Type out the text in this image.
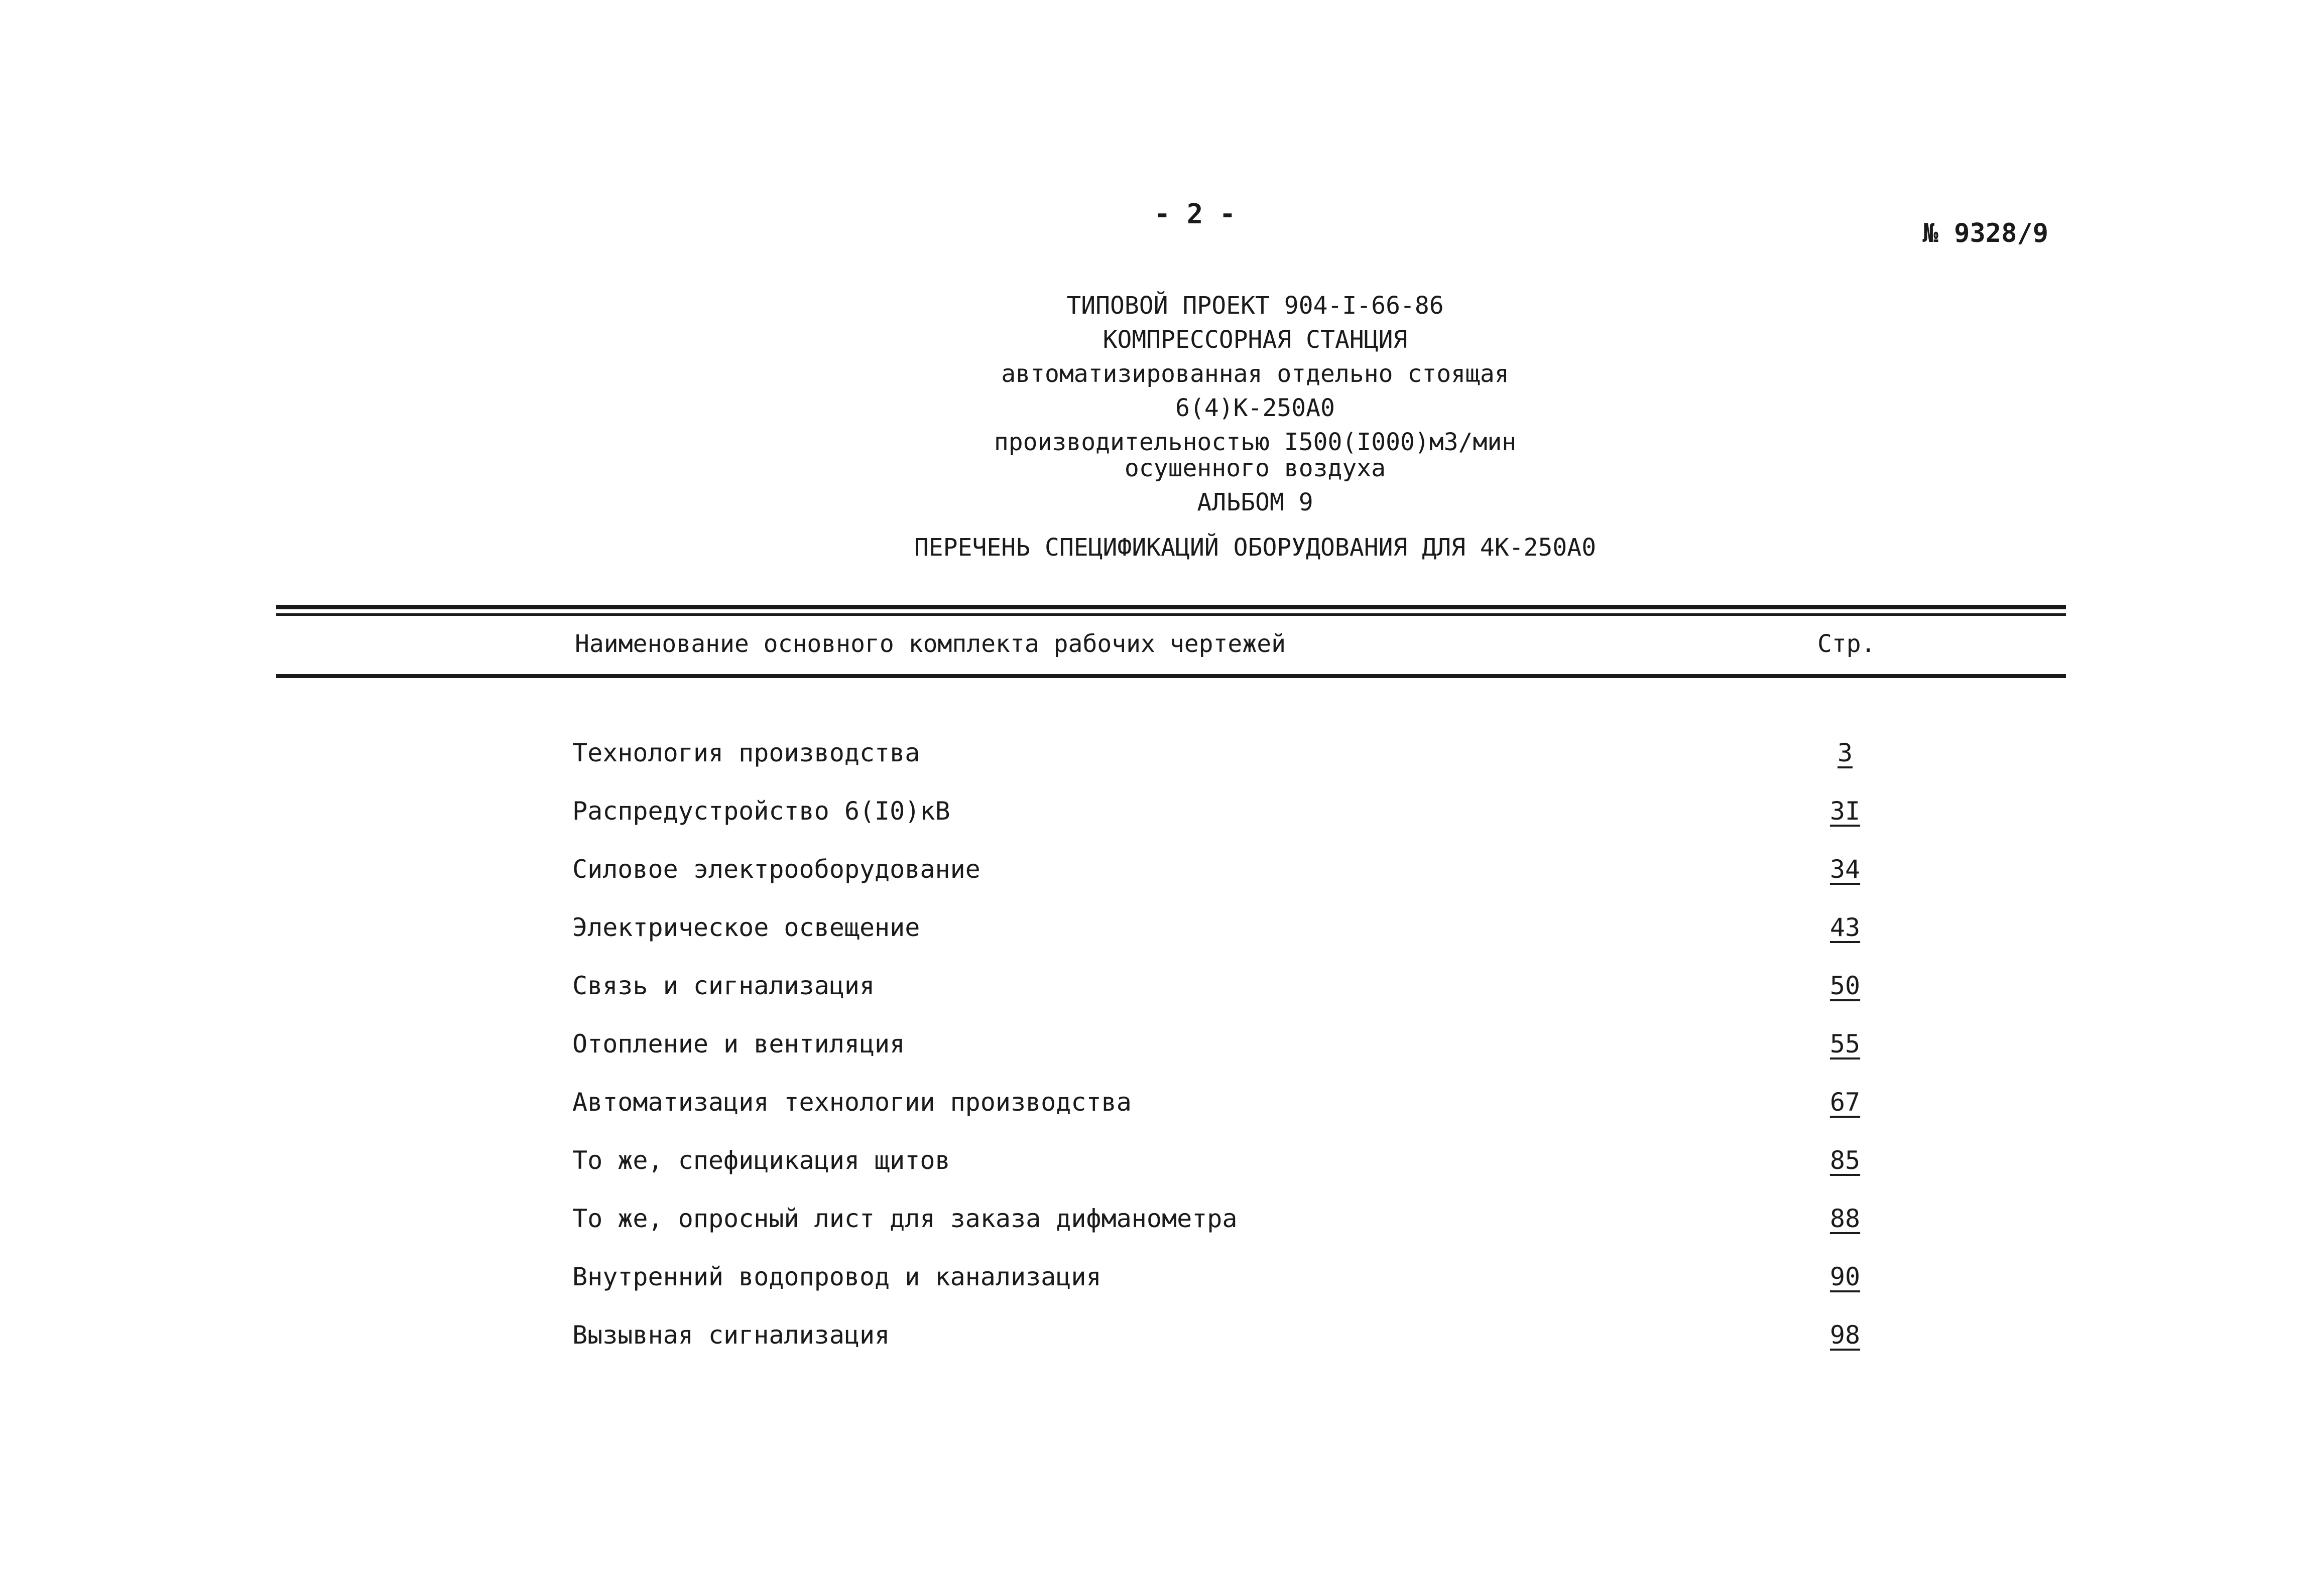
- 2 -
№ 9328/9
ТИПОВОЙ ПРОЕКТ 904-I-66-86
КОМПРЕССОРНАЯ СТАНЦИЯ
автоматизированная отдельно стоящая
6(4)К-250А0
производительностью I500(I000)м3/мин
осушенного воздуха
АЛЬБОМ 9
ПЕРЕЧЕНЬ СПЕЦИФИКАЦИЙ ОБОРУДОВАНИЯ ДЛЯ 4К-250А0
Наименование основного комплекта рабочих чертежей	Стр.
Технология производства	3
Распредустройство 6(I0)кВ	3I
Силовое электрооборудование	34
Электрическое освещение	43
Связь и сигнализация	50
Отопление и вентиляция	55
Автоматизация технологии производства	67
То же, спефицикация щитов	85
То же, опросный лист для заказа дифманометра	88
Внутренний водопровод и канализация	90
Вызывная сигнализация	98
